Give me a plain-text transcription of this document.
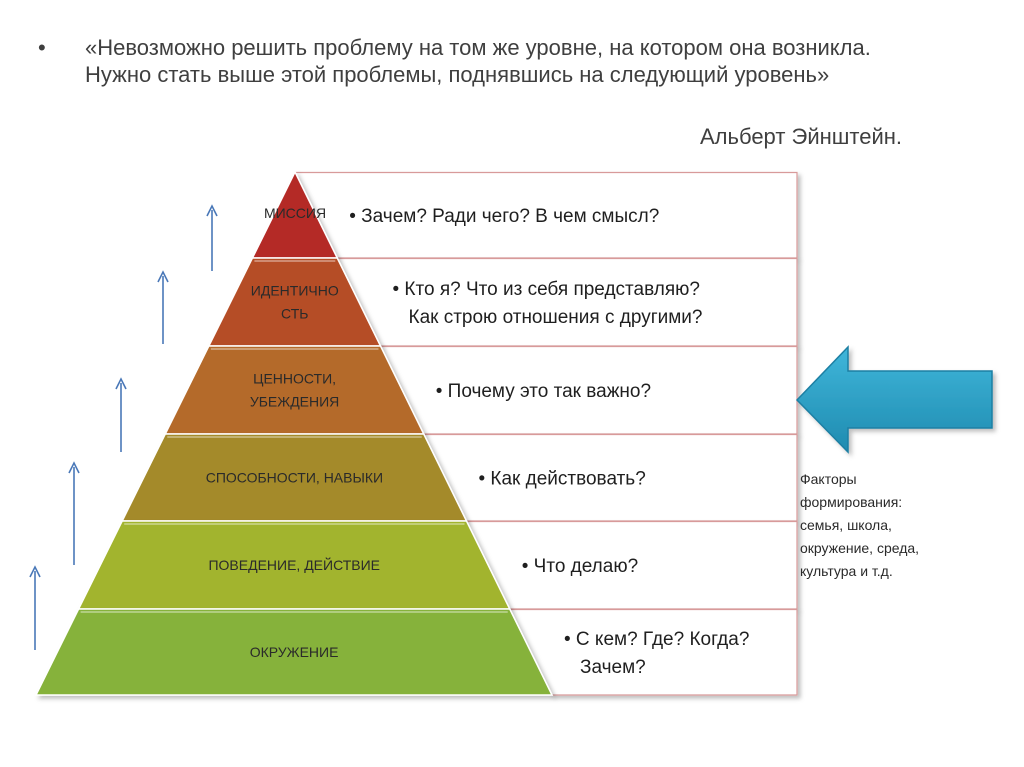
• «Невозможно решить проблему на том же уровне, на котором она возникла. Нужно стать выше этой проблемы, поднявшись на следующий уровень»
Альберт Эйнштейн.
МИССИЯ
ИДЕНТИЧНО
СТЬ
ЦЕННОСТИ,
УБЕЖДЕНИЯ
СПОСОБНОСТИ, НАВЫКИ
ПОВЕДЕНИЕ, ДЕЙСТВИЕ
ОКРУЖЕНИЕ
• Зачем? Ради чего? В чем смысл?
• Кто я? Что из себя представляю?
Как строю отношения с другими?
• Почему это так важно?
• Как действовать?
• Что делаю?
• С кем? Где? Когда?
Зачем?
Факторы
формирования:
семья, школа,
окружение, среда,
культура и т.д.
